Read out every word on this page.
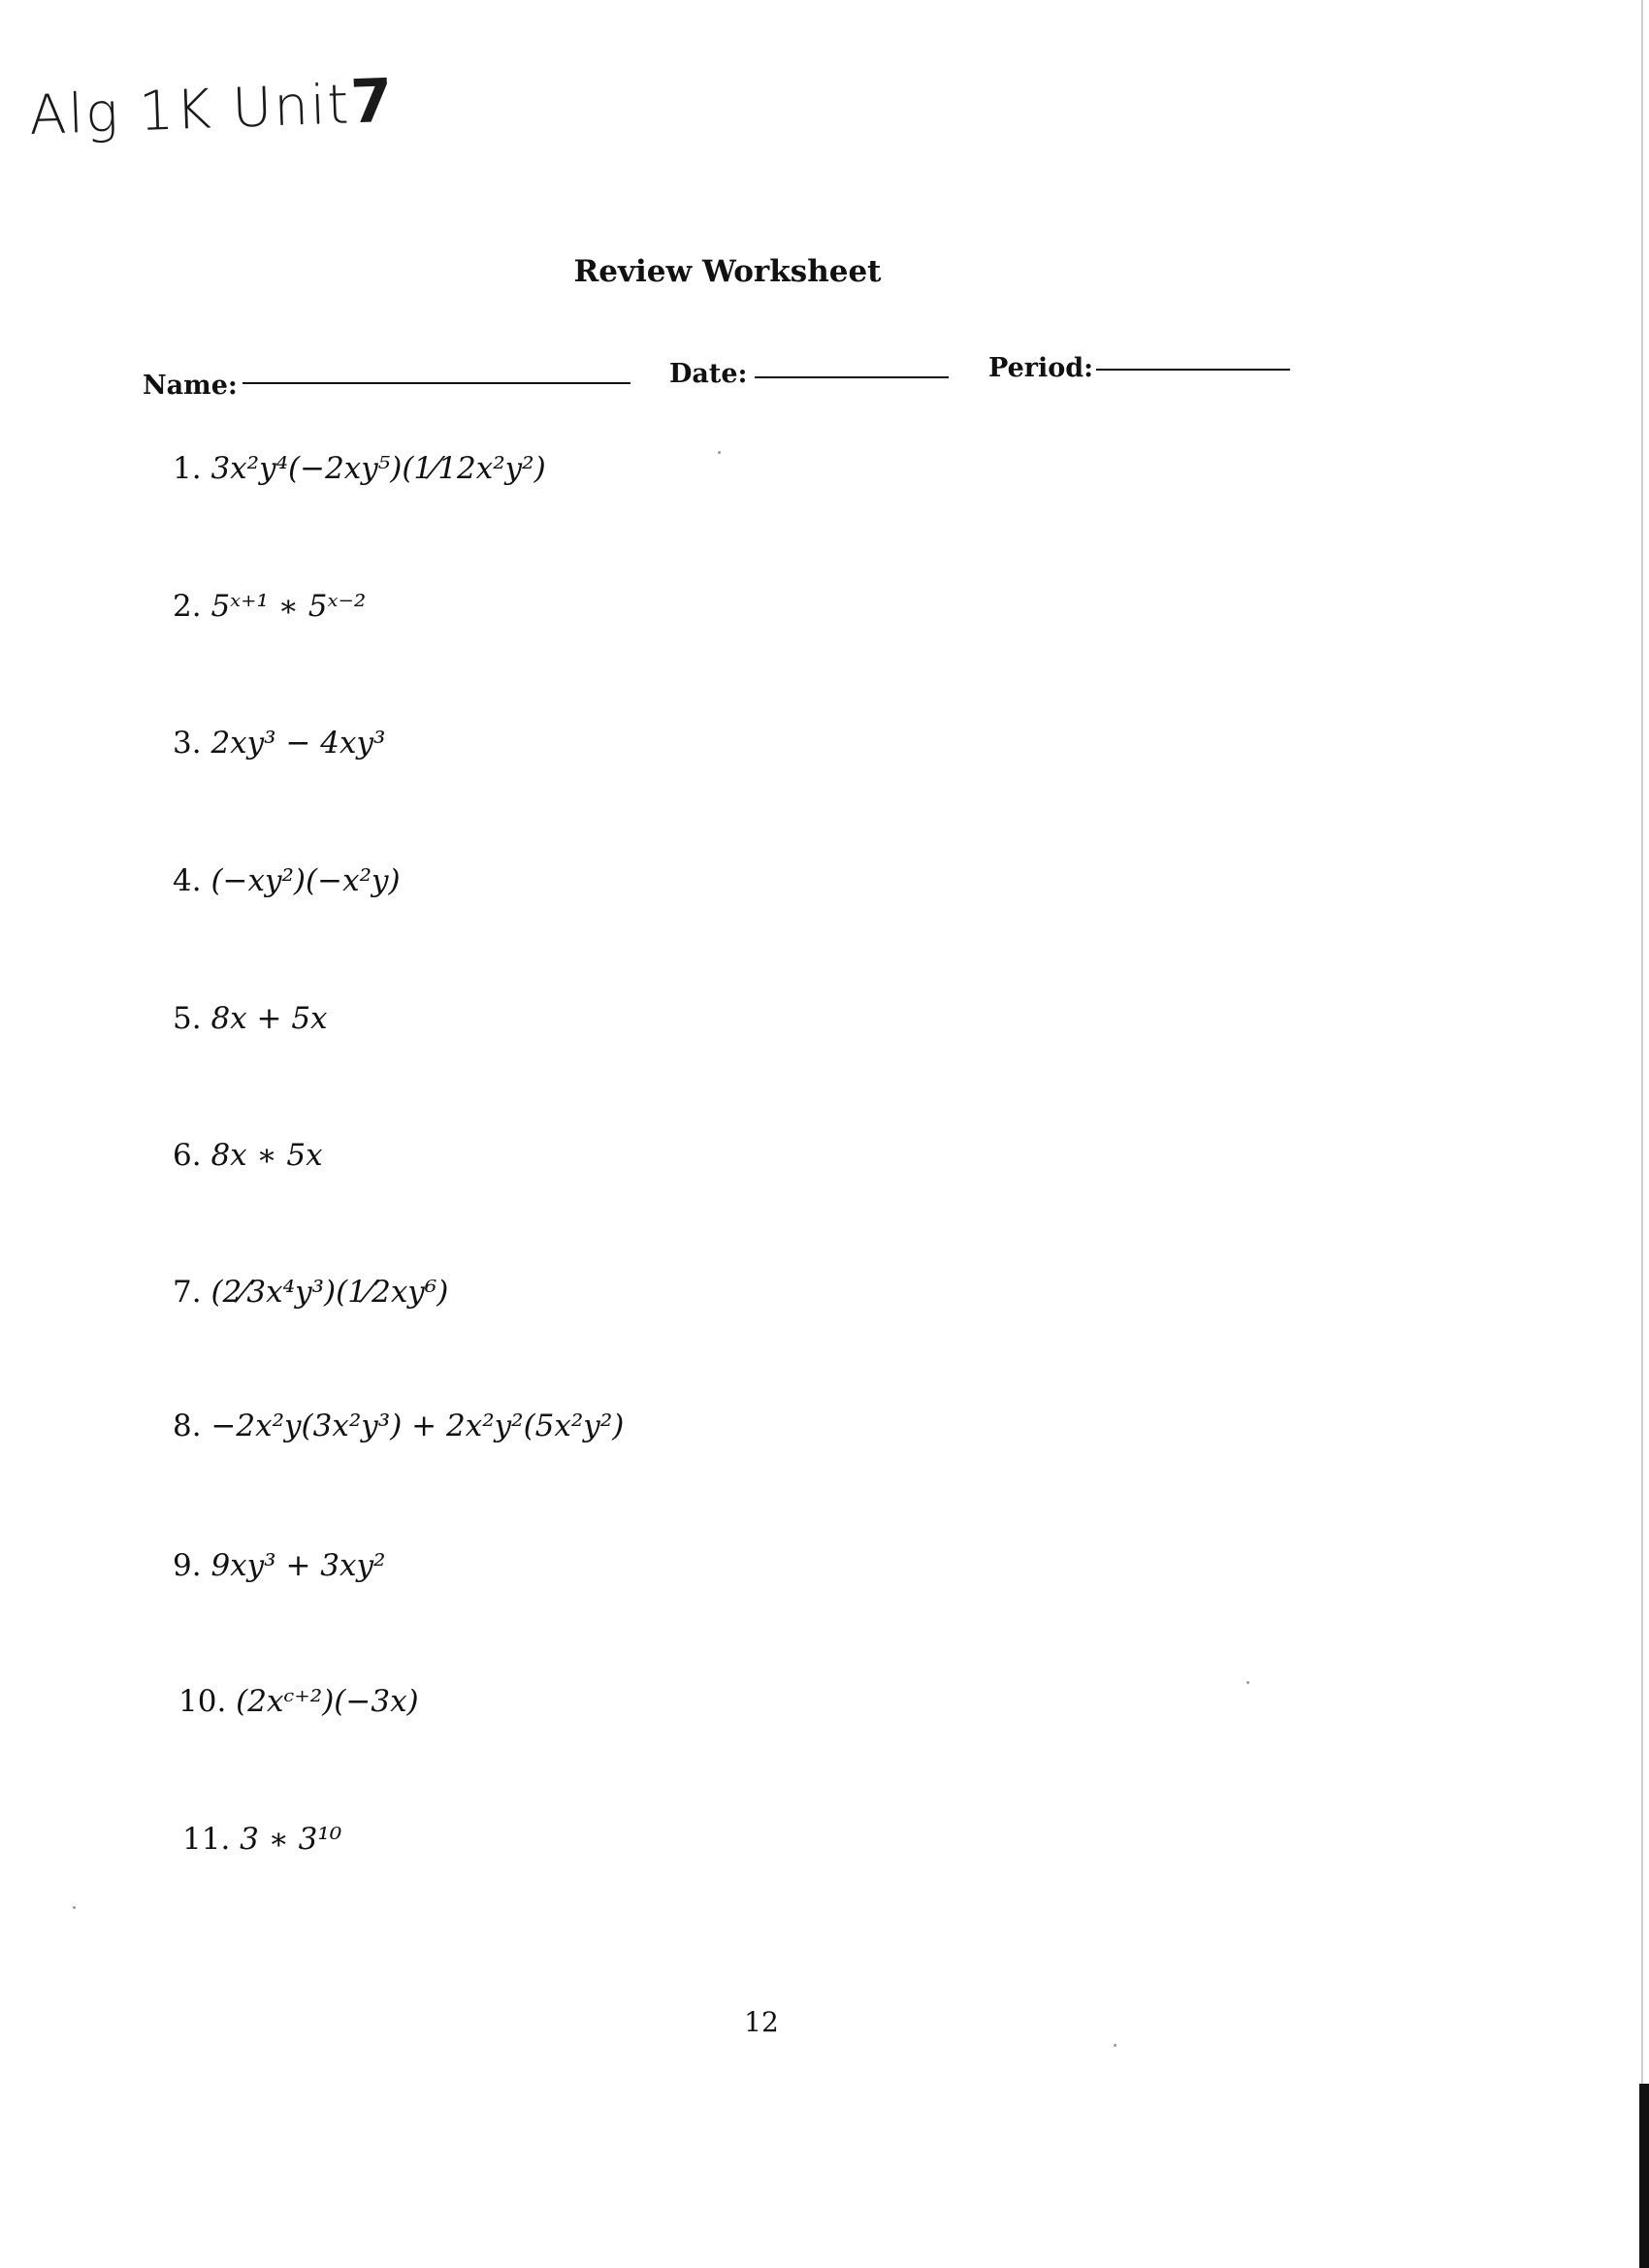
Alg 1K Unit7
Review Worksheet
Name:	Date:	Period:
1. 3x²y⁴(−2xy⁵)(1⁄12x²y²)
2. 5ˣ⁺¹ ∗ 5ˣ⁻²
3. 2xy³ − 4xy³
4. (−xy²)(−x²y)
5. 8x + 5x
6. 8x ∗ 5x
7. (2⁄3x⁴y³)(1⁄2xy⁶)
8. −2x²y(3x²y³) + 2x²y²(5x²y²)
9. 9xy³ + 3xy²
10. (2xᶜ⁺²)(−3x)
11. 3 ∗ 3¹⁰
12
